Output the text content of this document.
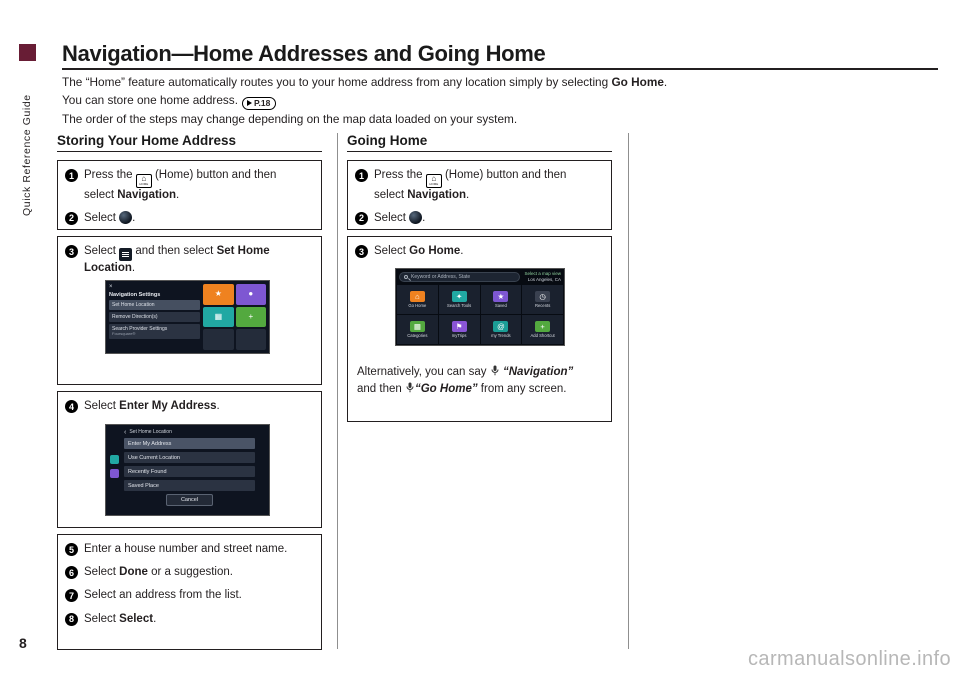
Navigation—Home Addresses and Going Home

The “Home” feature automatically routes you to your home address from any location simply by selecting Go Home.

You can store one home address. P.18

The order of the steps may change depending on the map data loaded on your system.

Quick Reference Guide
8
carmanualsonline.info
Storing Your Home Address	Going Home
1 Press the ⌂
HOME
(Home) button and then select Navigation.
2 Select .
3 Select
and then select Set Home Location.
×
Navigation Settings
Set Home Location
Remove Direction(s)
Search Provider Settings
Foursquare®
★	●
▦	+
4 Select Enter My Address.
‹ Set Home Location
Enter My Address
Use Current Location
Recently Found
Saved Place
Cancel
5 Enter a house number and street name.
6 Select Done or a suggestion.
7 Select an address from the list.
8 Select Select.
1 Press the ⌂
HOME
(Home) button and then select Navigation.
2 Select .
3 Select Go Home.
Keyword or Address, State
Select a map view
Los Angeles, CA
⌂
Go Home
✦
Search Tools
★
Saved
◷
Recents
▦
Categories
⚑
myTrips
@
my Trends
+
Add Shortcut
Alternatively, you can say  “Navigation” and then “Go Home” from any screen.
